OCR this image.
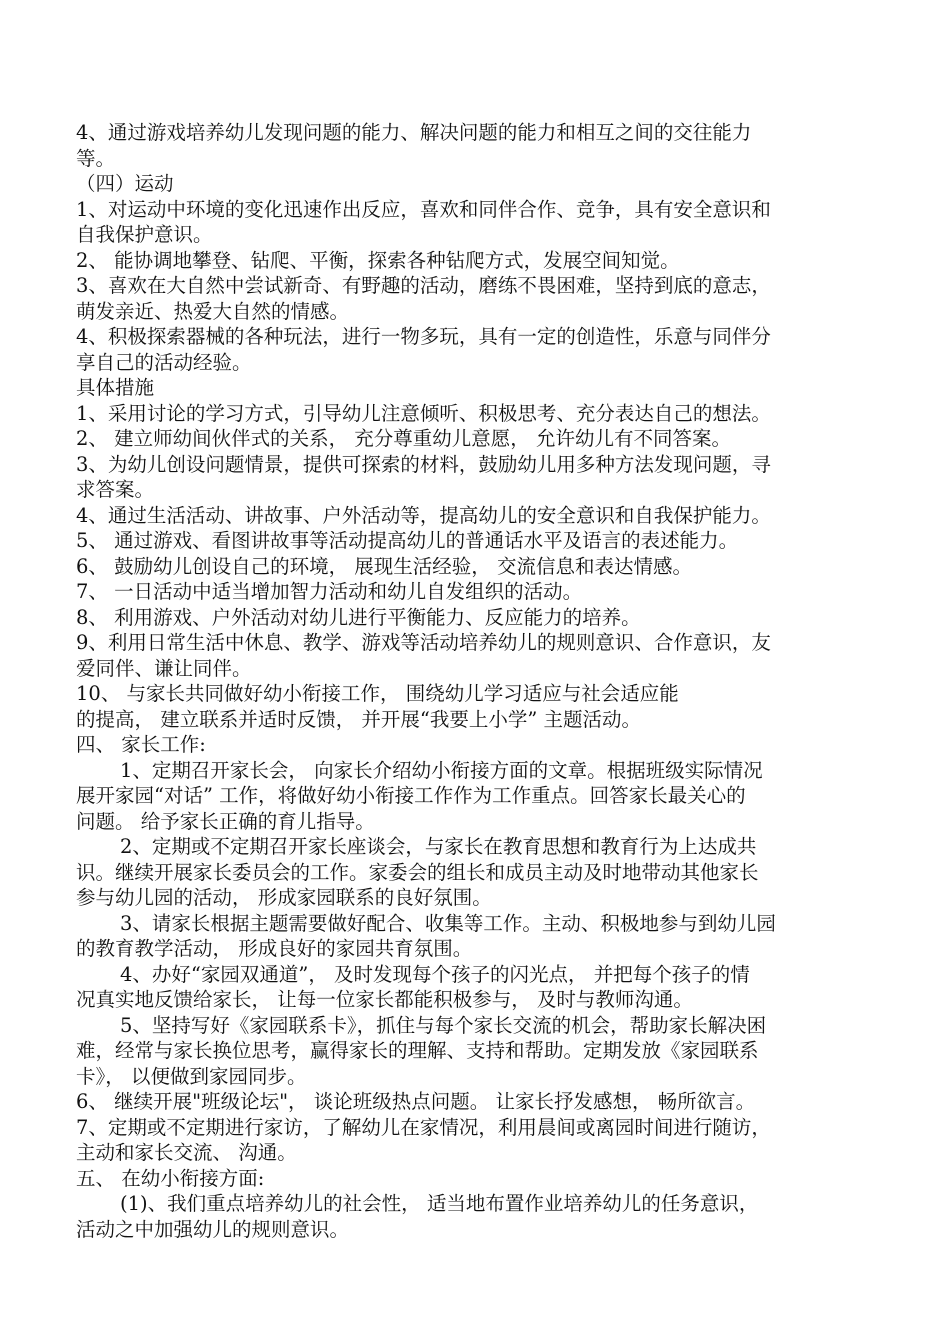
4、通过游戏培养幼儿发现问题的能力、解决问题的能力和相互之间的交往能力
等。
（四）运动
1、对运动中环境的变化迅速作出反应，喜欢和同伴合作、竞争，具有安全意识和
自我保护意识。
2、 能协调地攀登、钻爬、平衡，探索各种钻爬方式，发展空间知觉。
3、喜欢在大自然中尝试新奇、有野趣的活动，磨练不畏困难，坚持到底的意志，
萌发亲近、热爱大自然的情感。
4、积极探索器械的各种玩法，进行一物多玩，具有一定的创造性，乐意与同伴分
享自己的活动经验。
具体措施
1、采用讨论的学习方式，引导幼儿注意倾听、积极思考、充分表达自己的想法。
2、 建立师幼间伙伴式的关系， 充分尊重幼儿意愿， 允许幼儿有不同答案。
3、为幼儿创设问题情景，提供可探索的材料，鼓励幼儿用多种方法发现问题，寻
求答案。
4、通过生活活动、讲故事、户外活动等，提高幼儿的安全意识和自我保护能力。
5、 通过游戏、看图讲故事等活动提高幼儿的普通话水平及语言的表述能力。
6、 鼓励幼儿创设自己的环境， 展现生活经验， 交流信息和表达情感。
7、 一日活动中适当增加智力活动和幼儿自发组织的活动。
8、 利用游戏、户外活动对幼儿进行平衡能力、反应能力的培养。
9、利用日常生活中休息、教学、游戏等活动培养幼儿的规则意识、合作意识，友
爱同伴、谦让同伴。
10、 与家长共同做好幼小衔接工作， 围绕幼儿学习适应与社会适应能
的提高， 建立联系并适时反馈， 并开展“我要上小学” 主题活动。
四、 家长工作:
1、定期召开家长会， 向家长介绍幼小衔接方面的文章。根据班级实际情况
展开家园“对话” 工作，将做好幼小衔接工作作为工作重点。回答家长最关心的
问题。 给予家长正确的育儿指导。
2、定期或不定期召开家长座谈会，与家长在教育思想和教育行为上达成共
识。继续开展家长委员会的工作。家委会的组长和成员主动及时地带动其他家长
参与幼儿园的活动， 形成家园联系的良好氛围。
3、请家长根据主题需要做好配合、收集等工作。主动、积极地参与到幼儿园
的教育教学活动， 形成良好的家园共育氛围。
4、办好“家园双通道”， 及时发现每个孩子的闪光点， 并把每个孩子的情
况真实地反馈给家长， 让每一位家长都能积极参与， 及时与教师沟通。
5、坚持写好《家园联系卡》，抓住与每个家长交流的机会，帮助家长解决困
难，经常与家长换位思考，赢得家长的理解、支持和帮助。定期发放《家园联系
卡》， 以便做到家园同步。
6、 继续开展"班级论坛"， 谈论班级热点问题。 让家长抒发感想， 畅所欲言。
7、定期或不定期进行家访，了解幼儿在家情况，利用晨间或离园时间进行随访，
主动和家长交流、 沟通。
五、 在幼小衔接方面:
(1)、我们重点培养幼儿的社会性， 适当地布置作业培养幼儿的任务意识，
活动之中加强幼儿的规则意识。
